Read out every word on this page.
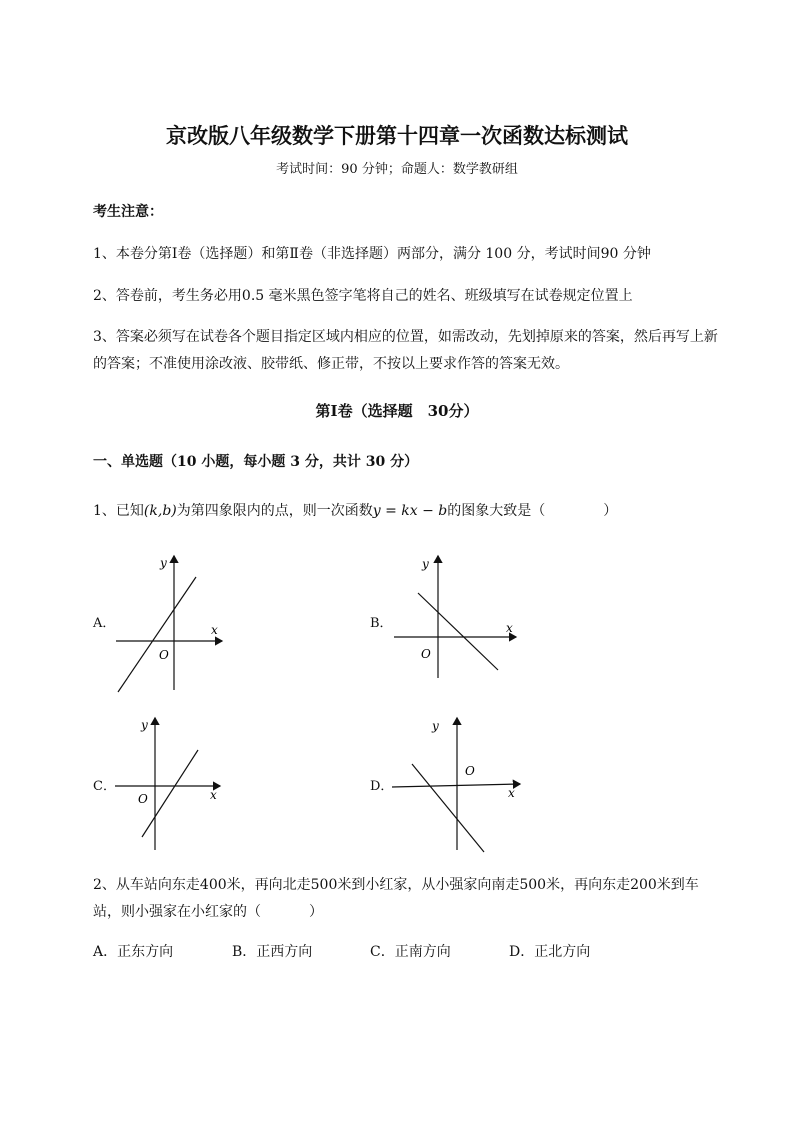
京改版八年级数学下册第十四章一次函数达标测试
考试时间：90 分钟；命题人：数学教研组
考生注意：
1、本卷分第Ⅰ卷（选择题）和第Ⅱ卷（非选择题）两部分，满分 100 分，考试时间90 分钟
2、答卷前，考生务必用0.5 毫米黑色签字笔将自己的姓名、班级填写在试卷规定位置上
3、答案必须写在试卷各个题目指定区域内相应的位置，如需改动，先划掉原来的答案，然后再写上新
的答案；不准使用涂改液、胶带纸、修正带，不按以上要求作答的答案无效。
第Ⅰ卷（选择题　30分）
一、单选题（10 小题，每小题 3 分，共计 30 分）
1、已知(k,b)为第四象限内的点，则一次函数y = kx − b的图象大致是（	）
A．
y
x
O
B．
y
x
O
C．
y
x
O
D．
y
x
O
2、从车站向东走400米，再向北走500米到小红家，从小强家向南走500米，再向东走200米到车
站，则小强家在小红家的（	）
A．正东方向	B．正西方向	C．正南方向	D．正北方向
